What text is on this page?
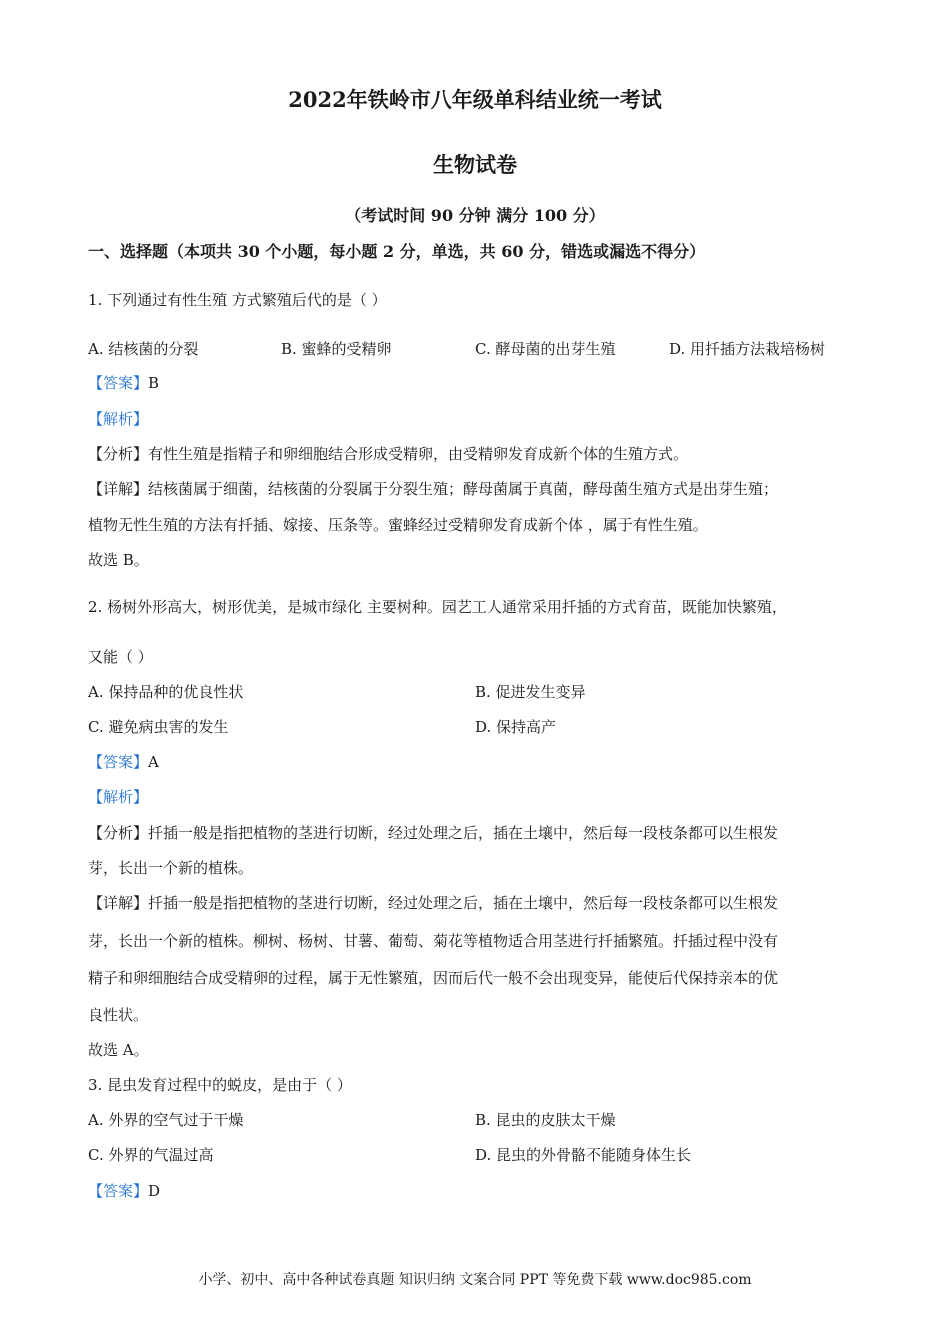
2022年铁岭市八年级单科结业统一考试
生物试卷
（考试时间 90 分钟 满分 100 分）
一、选择题（本项共 30 个小题，每小题 2 分，单选，共 60 分，错选或漏选不得分）
1. 下列通过有性生殖 方式繁殖后代的是（ ）
A. 结核菌的分裂	B. 蜜蜂的受精卵	C. 酵母菌的出芽生殖	D. 用扦插方法栽培杨树
【答案】B
【解析】
【分析】有性生殖是指精子和卵细胞结合形成受精卵，由受精卵发育成新个体的生殖方式。
【详解】结核菌属于细菌，结核菌的分裂属于分裂生殖；酵母菌属于真菌，酵母菌生殖方式是出芽生殖；
植物无性生殖的方法有扦插、嫁接、压条等。蜜蜂经过受精卵发育成新个体 ，属于有性生殖。
故选 B。
2. 杨树外形高大，树形优美，是城市绿化 主要树种。园艺工人通常采用扦插的方式育苗，既能加快繁殖，
又能（ ）
A. 保持品种的优良性状	B. 促进发生变异
C. 避免病虫害的发生	D. 保持高产
【答案】A
【解析】
【分析】扦插一般是指把植物的茎进行切断，经过处理之后，插在土壤中，然后每一段枝条都可以生根发
芽，长出一个新的植株。
【详解】扦插一般是指把植物的茎进行切断，经过处理之后，插在土壤中，然后每一段枝条都可以生根发
芽，长出一个新的植株。柳树、杨树、甘薯、葡萄、菊花等植物适合用茎进行扦插繁殖。扦插过程中没有
精子和卵细胞结合成受精卵的过程，属于无性繁殖，因而后代一般不会出现变异，能使后代保持亲本的优
良性状。
故选 A。
3. 昆虫发育过程中的蜕皮，是由于（ ）
A. 外界的空气过于干燥	B. 昆虫的皮肤太干燥
C. 外界的气温过高	D. 昆虫的外骨骼不能随身体生长
【答案】D
小学、初中、高中各种试卷真题 知识归纳 文案合同 PPT 等免费下载 www.doc985.com
